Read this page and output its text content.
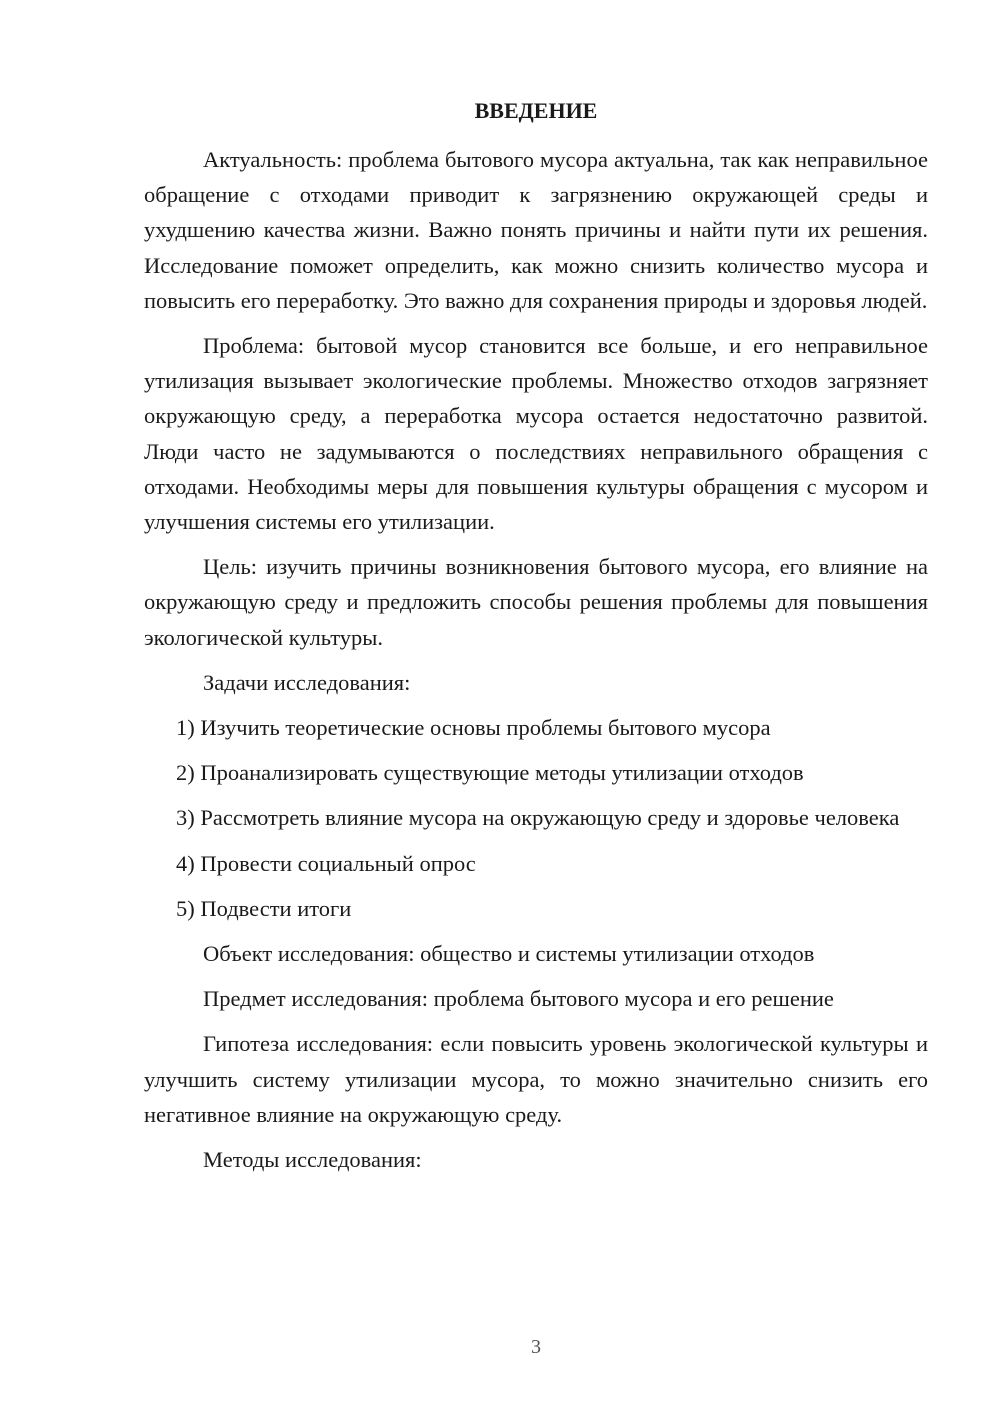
ВВЕДЕНИЕ

Актуальность: проблема бытового мусора актуальна, так как неправильное обращение с отходами приводит к загрязнению окружающей среды и ухудшению качества жизни. Важно понять причины и найти пути их решения. Исследование поможет определить, как можно снизить количество мусора и повысить его переработку. Это важно для сохранения природы и здоровья людей.

Проблема: бытовой мусор становится все больше, и его неправильное утилизация вызывает экологические проблемы. Множество отходов загрязняет окружающую среду, а переработка мусора остается недостаточно развитой. Люди часто не задумываются о последствиях неправильного обращения с отходами. Необходимы меры для повышения культуры обращения с мусором и улучшения системы его утилизации.

Цель: изучить причины возникновения бытового мусора, его влияние на окружающую среду и предложить способы решения проблемы для повышения экологической культуры.

Задачи исследования:

1) Изучить теоретические основы проблемы бытового мусора

2) Проанализировать существующие методы утилизации отходов

3) Рассмотреть влияние мусора на окружающую среду и здоровье человека

4) Провести социальный опрос

5) Подвести итоги

Объект исследования: общество и системы утилизации отходов

Предмет исследования: проблема бытового мусора и его решение

Гипотеза исследования: если повысить уровень экологической культуры и улучшить систему утилизации мусора, то можно значительно снизить его негативное влияние на окружающую среду.

Методы исследования:

3
